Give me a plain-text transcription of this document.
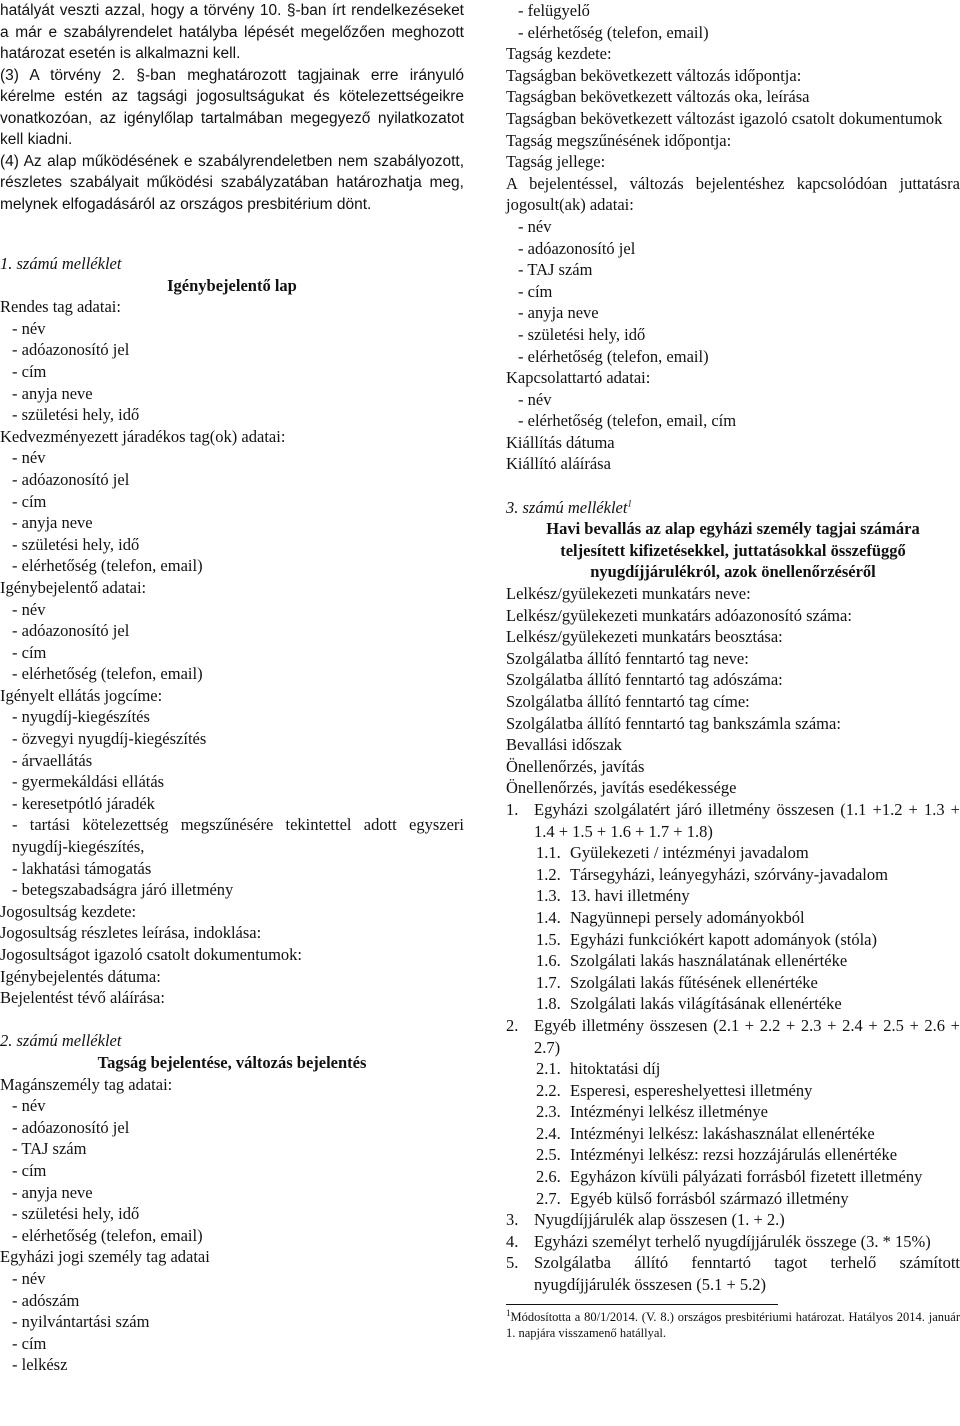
hatályát veszti azzal, hogy a törvény 10. §-ban írt rendelkezéseket a már e szabályrendelet hatályba lépését megelőzően meghozott határozat esetén is alkalmazni kell.

(3) A törvény 2. §-ban meghatározott tagjainak erre irányuló kérelme estén az tagsági jogosultságukat és kötelezettségeikre vonatkozóan, az igénylőlap tartalmában megegyező nyilatkozatot kell kiadni.

(4) Az alap működésének e szabályrendeletben nem szabályozott, részletes szabályait működési szabályzatában határozhatja meg, melynek elfogadásáról az országos presbitérium dönt.

1. számú melléklet
Igénybejelentő lap
Rendes tag adatai:
- név
- adóazonosító jel
- cím
- anyja neve
- születési hely, idő
Kedvezményezett járadékos tag(ok) adatai:
- név
- adóazonosító jel
- cím
- anyja neve
- születési hely, idő
- elérhetőség (telefon, email)
Igénybejelentő adatai:
- név
- adóazonosító jel
- cím
- elérhetőség (telefon, email)
Igényelt ellátás jogcíme:
- nyugdíj-kiegészítés
- özvegyi nyugdíj-kiegészítés
- árvaellátás
- gyermekáldási ellátás
- keresetpótló járadék
- tartási kötelezettség megszűnésére tekintettel adott egyszeri nyugdíj-kiegészítés,
- lakhatási támogatás
- betegszabadságra járó illetmény
Jogosultság kezdete:
Jogosultság részletes leírása, indoklása:
Jogosultságot igazoló csatolt dokumentumok:
Igénybejelentés dátuma:
Bejelentést tévő aláírása:
2. számú melléklet
Tagság bejelentése, változás bejelentés
Magánszemély tag adatai:
- név
- adóazonosító jel
- TAJ szám
- cím
- anyja neve
- születési hely, idő
- elérhetőség (telefon, email)
Egyházi jogi személy tag adatai
- név
- adószám
- nyilvántartási szám
- cím
- lelkész
- felügyelő
- elérhetőség (telefon, email)
Tagság kezdete:
Tagságban bekövetkezett változás időpontja:
Tagságban bekövetkezett változás oka, leírása
Tagságban bekövetkezett változást igazoló csatolt dokumentumok
Tagság megszűnésének időpontja:
Tagság jellege:
A bejelentéssel, változás bejelentéshez kapcsolódóan juttatásra jogosult(ak) adatai:
- név
- adóazonosító jel
- TAJ szám
- cím
- anyja neve
- születési hely, idő
- elérhetőség (telefon, email)
Kapcsolattartó adatai:
- név
- elérhetőség (telefon, email, cím
Kiállítás dátuma
Kiállító aláírása
3. számú melléklet$^1$
Havi bevallás az alap egyházi személy tagjai számára teljesített kifizetésekkel, juttatásokkal összefüggő nyugdíjjárulékról, azok önellenőrzéséről
Lelkész/gyülekezeti munkatárs neve:
Lelkész/gyülekezeti munkatárs adóazonosító száma:
Lelkész/gyülekezeti munkatárs beosztása:
Szolgálatba állító fenntartó tag neve:
Szolgálatba állító fenntartó tag adószáma:
Szolgálatba állító fenntartó tag címe:
Szolgálatba állító fenntartó tag bankszámla száma:
Bevallási időszak
Önellenőrzés, javítás
Önellenőrzés, javítás esedékessége
1. Egyházi szolgálatért járó illetmény összesen (1.1 +1.2 + 1.3 + 1.4 + 1.5 + 1.6 + 1.7 + 1.8)
1.1. Gyülekezeti / intézményi javadalom
1.2. Társegyházi, leányegyházi, szórvány-javadalom
1.3. 13. havi illetmény
1.4. Nagyünnepi persely adományokból
1.5. Egyházi funkciókért kapott adományok (stóla)
1.6. Szolgálati lakás használatának ellenértéke
1.7. Szolgálati lakás fűtésének ellenértéke
1.8. Szolgálati lakás világításának ellenértéke
2. Egyéb illetmény összesen (2.1 + 2.2 + 2.3 + 2.4 + 2.5 + 2.6 + 2.7)
2.1. hitoktatási díj
2.2. Esperesi, espereshelyettesi illetmény
2.3. Intézményi lelkész illetménye
2.4. Intézményi lelkész: lakáshasználat ellenértéke
2.5. Intézményi lelkész: rezsi hozzájárulás ellenértéke
2.6. Egyházon kívüli pályázati forrásból fizetett illetmény
2.7. Egyéb külső forrásból származó illetmény
3. Nyugdíjjárulék alap összesen (1. + 2.)
4. Egyházi személyt terhelő nyugdíjjárulék összege (3. * 15%)
5. Szolgálatba állító fenntartó tagot terhelő számított nyugdíjjárulék összesen (5.1 + 5.2)
$^1$Módosította a 80/1/2014. (V. 8.) országos presbitériumi határozat. Hatályos 2014. január 1. napjára visszamenő hatállyal.
